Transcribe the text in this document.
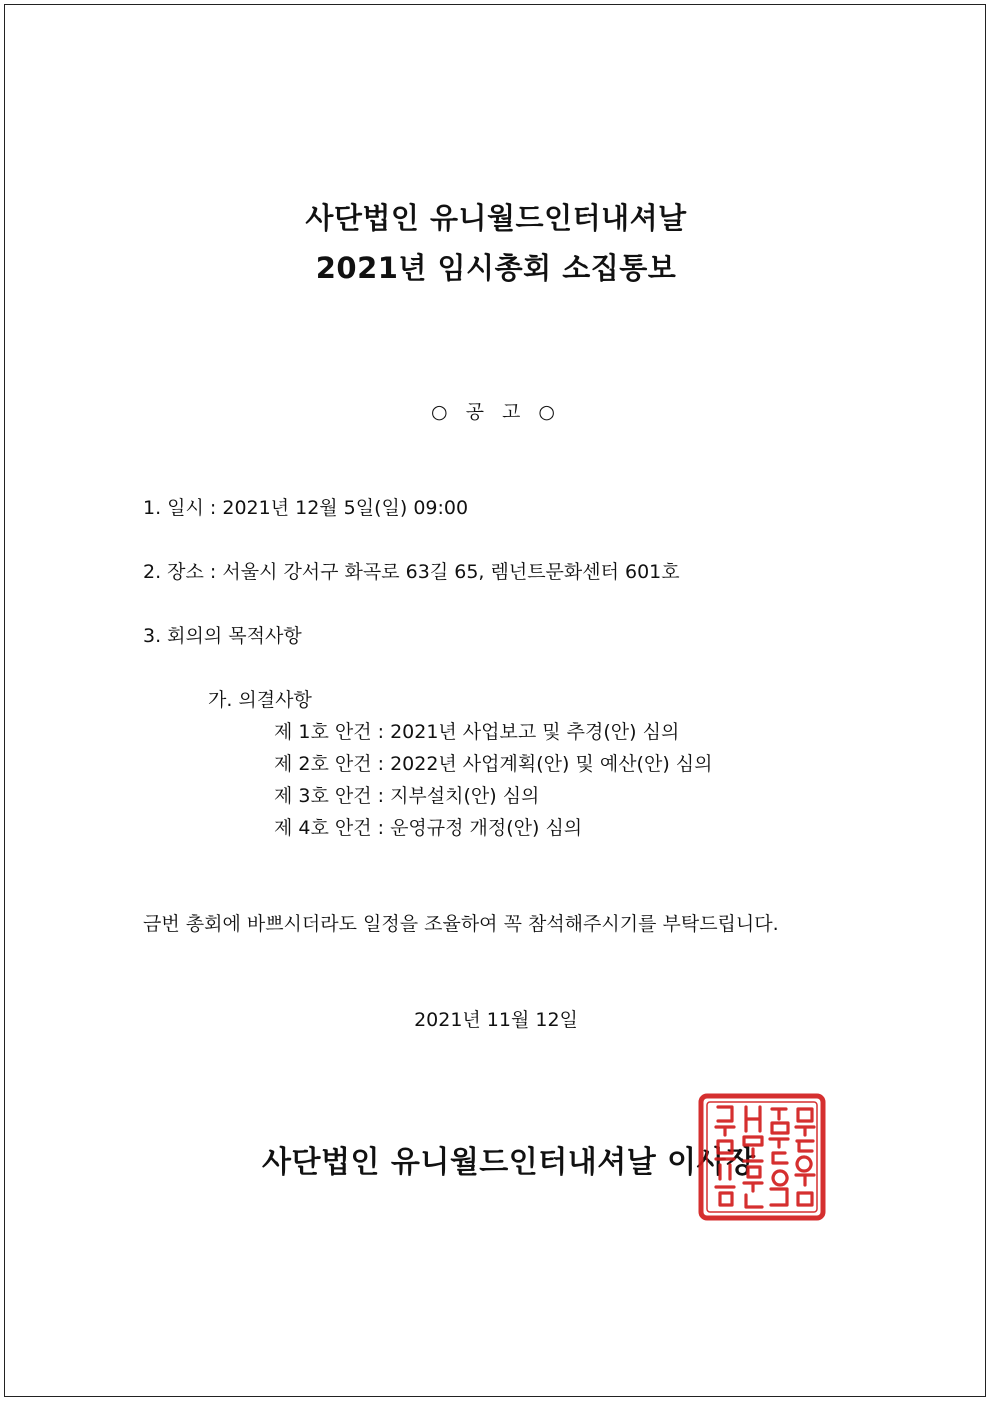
사단법인 유니월드인터내셔날
2021년 임시총회 소집통보
○ 공 고 ○
1. 일시 : 2021년 12월 5일(일) 09:00
2. 장소 : 서울시 강서구 화곡로 63길 65, 렘넌트문화센터 601호
3. 회의의 목적사항
가. 의결사항
제 1호 안건 : 2021년 사업보고 및 추경(안) 심의
제 2호 안건 : 2022년 사업계획(안) 및 예산(안) 심의
제 3호 안건 : 지부설치(안) 심의
제 4호 안건 : 운영규정 개정(안) 심의
금번 총회에 바쁘시더라도 일정을 조율하여 꼭 참석해주시기를 부탁드립니다.
2021년 11월 12일
사단법인 유니월드인터내셔날 이사장
